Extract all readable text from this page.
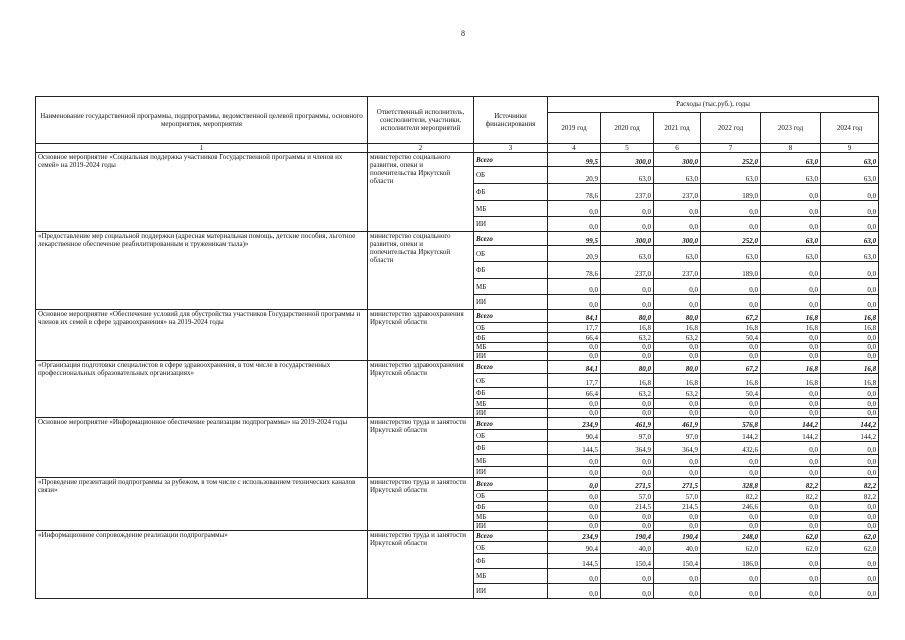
8
Наименование государственной программы, подпрограммы, ведомственной целевой программы, основного мероприятия, мероприятия	Ответственный исполнитель, соисполнители, участники, исполнители мероприятий	Источники финансирования	Расходы (тыс.руб.), годы					
			2019 год	2020 год	2021 год	2022 год	2023 год	2024 год
1	2	3	4	5	6	7	8	9
Основное мероприятие «Социальная поддержка участников Государственной программы и членов их семей» на 2019-2024 годы	министерство социального развития, опеки и попечительства Иркутской области	Всего	99,5	300,0	300,0	252,0	63,0	63,0
		ОБ	20,9	63,0	63,0	63,0	63,0	63,0
		ФБ	78,6	237,0	237,0	189,0	0,0	0,0
		МБ	0,0	0,0	0,0	0,0	0,0	0,0
		ИИ	0,0	0,0	0,0	0,0	0,0	0,0
«Предоставление мер социальной поддержки (адресная материальная помощь, детские пособия, льготное лекарственное обеспечение реабилитированным и труженикам тыла)»	министерство социального развития, опеки и попечительства Иркутской области	Всего	99,5	300,0	300,0	252,0	63,0	63,0
		ОБ	20,9	63,0	63,0	63,0	63,0	63,0
		ФБ	78,6	237,0	237,0	189,0	0,0	0,0
		МБ	0,0	0,0	0,0	0,0	0,0	0,0
		ИИ	0,0	0,0	0,0	0,0	0,0	0,0
Основное мероприятие «Обеспечение условий для обустройства участников Государственной программы и членов их семей в сфере здравоохранения» на 2019-2024 годы	министерство здравоохранения Иркутской области	Всего	84,1	80,0	80,0	67,2	16,8	16,8
		ОБ	17,7	16,8	16,8	16,8	16,8	16,8
		ФБ	66,4	63,2	63,2	50,4	0,0	0,0
		МБ	0,0	0,0	0,0	0,0	0,0	0,0
		ИИ	0,0	0,0	0,0	0,0	0,0	0,0
«Организация подготовки специалистов в сфере здравоохранения, в том числе в государственных профессиональных образовательных организациях»	министерство здравоохранения Иркутской области	Всего	84,1	80,0	80,0	67,2	16,8	16,8
		ОБ	17,7	16,8	16,8	16,8	16,8	16,8
		ФБ	66,4	63,2	63,2	50,4	0,0	0,0
		МБ	0,0	0,0	0,0	0,0	0,0	0,0
		ИИ	0,0	0,0	0,0	0,0	0,0	0,0
Основное мероприятие «Информационное обеспечение реализации подпрограммы» на 2019-2024 годы	министерство труда и занятости Иркутской области	Всего	234,9	461,9	461,9	576,8	144,2	144,2
		ОБ	90,4	97,0	97,0	144,2	144,2	144,2
		ФБ	144,5	364,9	364,9	432,6	0,0	0,0
		МБ	0,0	0,0	0,0	0,0	0,0	0,0
		ИИ	0,0	0,0	0,0	0,0	0,0	0,0
«Проведение презентаций подпрограммы за рубежом, в том числе с использованием технических каналов связи»	министерство труда и занятости Иркутской области	Всего	0,0	271,5	271,5	328,8	82,2	82,2
		ОБ	0,0	57,0	57,0	82,2	82,2	82,2
		ФБ	0,0	214,5	214,5	246,6	0,0	0,0
		МБ	0,0	0,0	0,0	0,0	0,0	0,0
		ИИ	0,0	0,0	0,0	0,0	0,0	0,0
«Информационное сопровождение реализации подпрограммы»	министерство труда и занятости Иркутской области	Всего	234,9	190,4	190,4	248,0	62,0	62,0
		ОБ	90,4	40,0	40,0	62,0	62,0	62,0
		ФБ	144,5	150,4	150,4	186,0	0,0	0,0
		МБ	0,0	0,0	0,0	0,0	0,0	0,0
		ИИ	0,0	0,0	0,0	0,0	0,0	0,0
